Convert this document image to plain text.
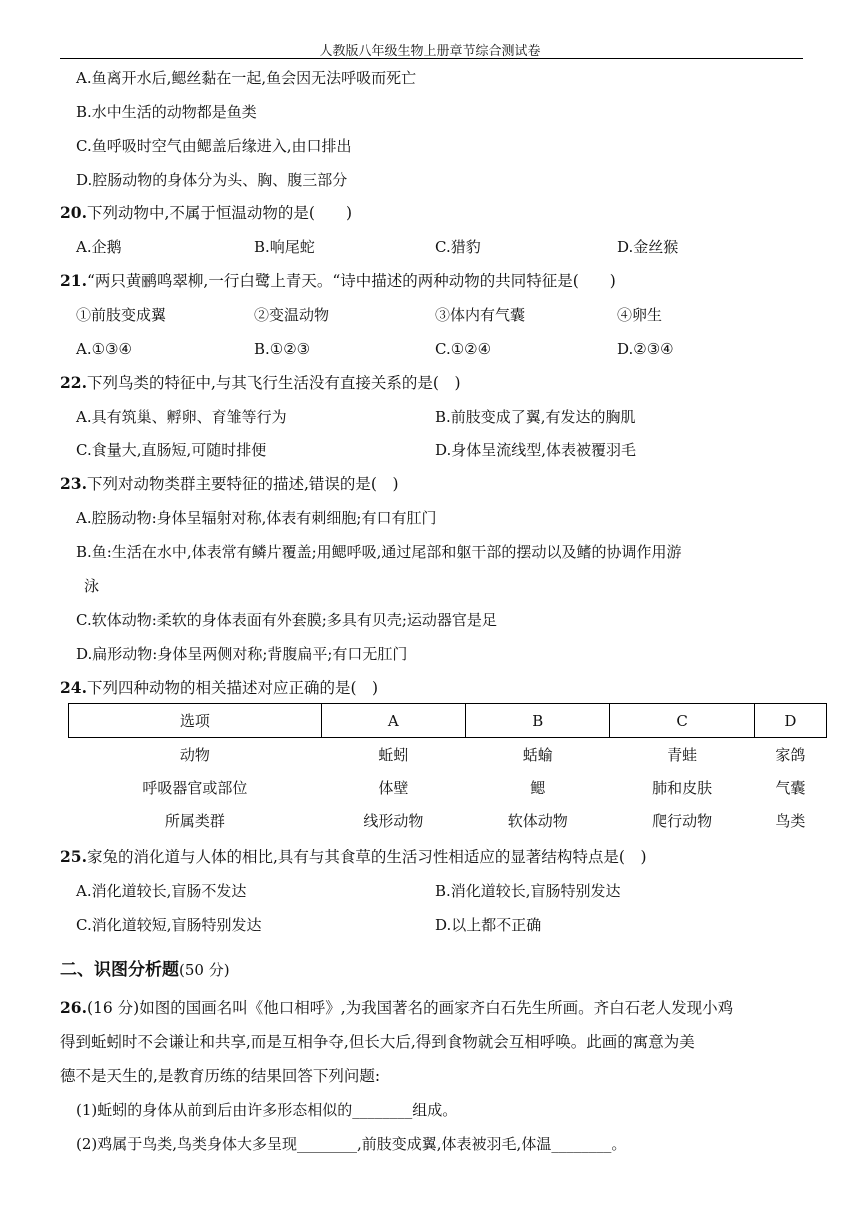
人教版八年级生物上册章节综合测试卷
A.鱼离开水后,鳃丝黏在一起,鱼会因无法呼吸而死亡
B.水中生活的动物都是鱼类
C.鱼呼吸时空气由鳃盖后缘进入,由口排出
D.腔肠动物的身体分为头、胸、腹三部分
20.下列动物中,不属于恒温动物的是(　　)
A.企鹅	B.响尾蛇	C.猎豹	D.金丝猴
21.“两只黄鹂鸣翠柳,一行白鹭上青天。“诗中描述的两种动物的共同特征是(　　)
①前肢变成翼	②变温动物	③体内有气囊	④卵生
A.①③④	B.①②③	C.①②④	D.②③④
22.下列鸟类的特征中,与其飞行生活没有直接关系的是(　)
A.具有筑巢、孵卵、育雏等行为	B.前肢变成了翼,有发达的胸肌
C.食量大,直肠短,可随时排便	D.身体呈流线型,体表被覆羽毛
23.下列对动物类群主要特征的描述,错误的是(　)
A.腔肠动物:身体呈辐射对称,体表有刺细胞;有口有肛门
B.鱼:生活在水中,体表常有鳞片覆盖;用鳃呼吸,通过尾部和躯干部的摆动以及鳍的协调作用游
泳
C.软体动物:柔软的身体表面有外套膜;多具有贝壳;运动器官是足
D.扁形动物:身体呈两侧对称;背腹扁平;有口无肛门
24.下列四种动物的相关描述对应正确的是(　)
选项	A	B	C	D
动物	蚯蚓	蛞蝓	青蛙	家鸽
呼吸器官或部位	体壁	鳃	肺和皮肤	气囊
所属类群	线形动物	软体动物	爬行动物	鸟类
25.家兔的消化道与人体的相比,具有与其食草的生活习性相适应的显著结构特点是(　)
A.消化道较长,盲肠不发达	B.消化道较长,盲肠特别发达
C.消化道较短,盲肠特别发达	D.以上都不正确
二、识图分析题(50 分)
26.(16 分)如图的国画名叫《他口相呼》,为我国著名的画家齐白石先生所画。齐白石老人发现小鸡
得到蚯蚓时不会谦让和共享,而是互相争夺,但长大后,得到食物就会互相呼唤。此画的寓意为美
德不是天生的,是教育历练的结果回答下列问题:
(1)蚯蚓的身体从前到后由许多形态相似的________组成。
(2)鸡属于鸟类,鸟类身体大多呈现________,前肢变成翼,体表被羽毛,体温________。
